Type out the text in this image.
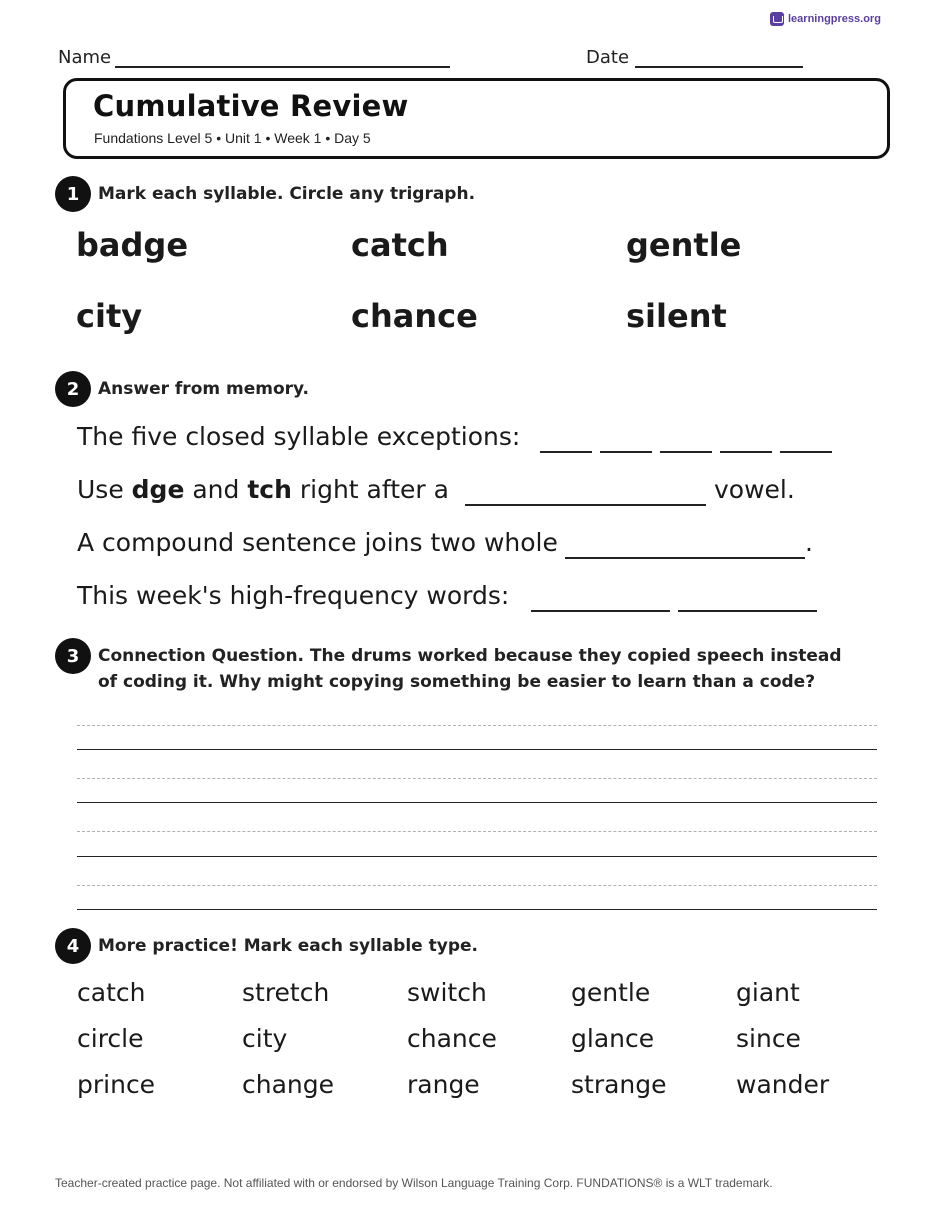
learningpress.org
Name	Date
Cumulative Review
Fundations Level 5 • Unit 1 • Week 1 • Day 5
1	Mark each syllable. Circle any trigraph.
badge	catch	gentle
city	chance	silent
2	Answer from memory.
The five closed syllable exceptions:
Use dge and tch right after a	vowel.
A compound sentence joins two whole	.
This week's high-frequency words:
3	Connection Question. The drums worked because they copied speech instead
of coding it. Why might copying something be easier to learn than a code?
4	More practice! Mark each syllable type.
catch	stretch	switch	gentle	giant
circle	city	chance	glance	since
prince	change	range	strange	wander
Teacher-created practice page. Not affiliated with or endorsed by Wilson Language Training Corp. FUNDATIONS® is a WLT trademark.
